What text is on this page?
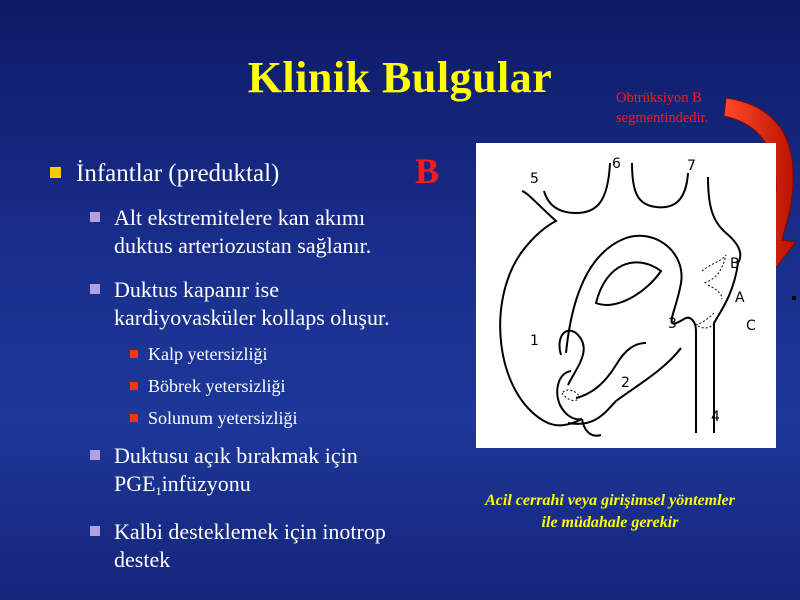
Klinik Bulgular	Obtrüksiyon B
segmentindedir.
İnfantlar (preduktal)	B
Alt ekstremitelere kan akımı
duktus arteriozustan sağlanır.
Duktus kapanır ise
kardiyovasküler kollaps oluşur.
Kalp yetersizliği
Böbrek yetersizliği
Solunum yetersizliği
Duktusu açık bırakmak için
$PGE_1infüzyonu$
Kalbi desteklemek için inotrop
destek
5
6	7
1
2
3
4
B
A
C
Acil cerrahi veya girişimsel yöntemler
ile müdahale gerekir
